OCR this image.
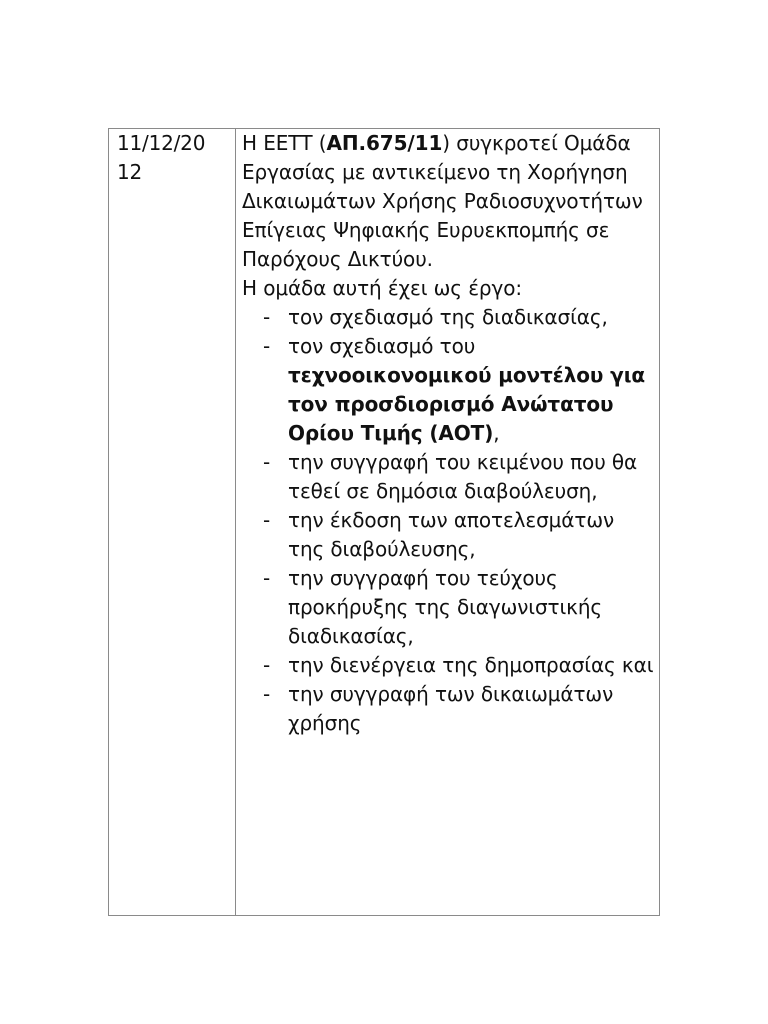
11/12/20
12
Η ΕΕΤΤ (ΑΠ.675/11) συγκροτεί Ομάδα Εργασίας με αντικείμενο τη Χορήγηση Δικαιωμάτων Χρήσης Ραδιοσυχνοτήτων Επίγειας Ψηφιακής Ευρυεκπομπής σε Παρόχους Δικτύου.
Η ομάδα αυτή έχει ως έργο:
- τον σχεδιασμό της διαδικασίας,
- τον σχεδιασμό του τεχνοοικονομικού μοντέλου για τον προσδιορισμό Ανώτατου Ορίου Τιμής (ΑΟΤ),
- την συγγραφή του κειμένου που θα τεθεί σε δημόσια διαβούλευση,
- την έκδοση των αποτελεσμάτων της διαβούλευσης,
- την συγγραφή του τεύχους προκήρυξης της διαγωνιστικής διαδικασίας,
- την διενέργεια της δημοπρασίας και
- την συγγραφή των δικαιωμάτων χρήσης
